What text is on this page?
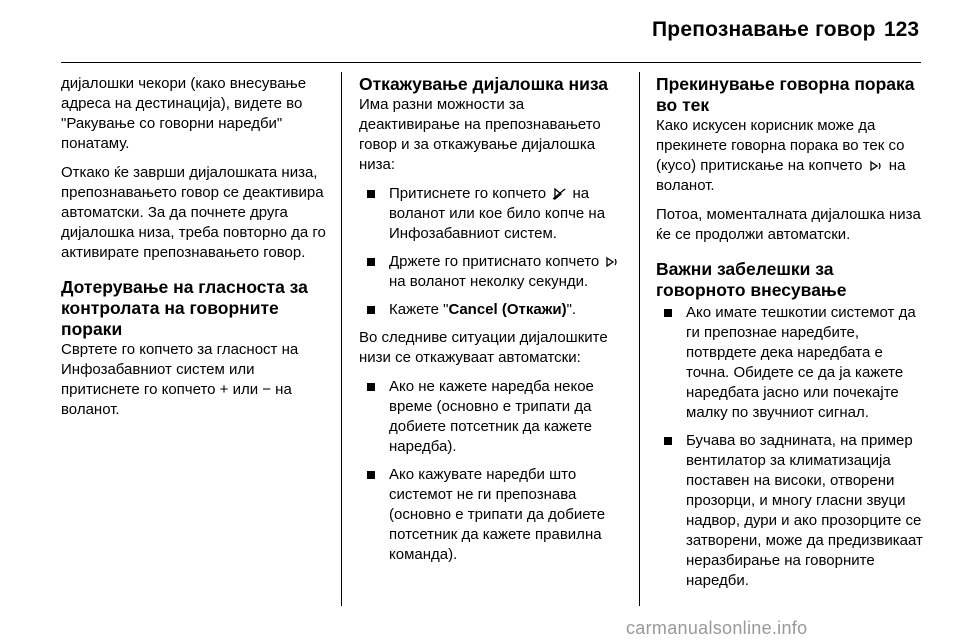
Препознавање говор 123

дијалошки чекори (како внесување адреса на дестинација), видете во "Ракување со говорни наредби" понатаму.

Откако ќе заврши дијалошката низа, препознавањето говор се деактивира автоматски. За да почнете друга дијалошка низа, треба повторно да го активирате препознавањето говор.

Дотерување на гласноста за контролата на говорните пораки

Свртете го копчето за гласност на Инфозабавниот систем или притиснете го копчето + или − на воланот.

Откажување дијалошка низа

Има разни можности за деактивирање на препознавањето говор и за откажување дијалошка низа:

Притиснете го копчето на воланот или кое било копче на Инфозабавниот систем.
Држете го притиснато копчето  на воланот неколку секунди.
Кажете "Cancel (Откажи)".

Во следниве ситуации дијалошките низи се откажуваат автоматски:

Ако не кажете наредба некое време (основно е трипати да добиете потсетник да кажете наредба).
Ако кажувате наредби што системот не ги препознава (основно е трипати да добиете потсетник да кажете правилна команда).
Прекинување говорна порака во тек

Како искусен корисник може да прекинете говорна порака во тек со (кусо) притискање на копчето на воланот.

Потоа, моменталната дијалошка низа ќе се продолжи автоматски.

Важни забелешки за говорното внесување
Ако имате тешкотии системот да ги препознае наредбите, потврдете дека наредбата е точна. Обидете се да ја кажете наредбата јасно или почекајте малку по звучниот сигнал.
Бучава во заднината, на пример вентилатор за климатизација поставен на високи, отворени прозорци, и многу гласни звуци надвор, дури и ако прозорците се затворени, може да предизвикаат неразбирање на говорните наредби.
carmanualsonline.info
